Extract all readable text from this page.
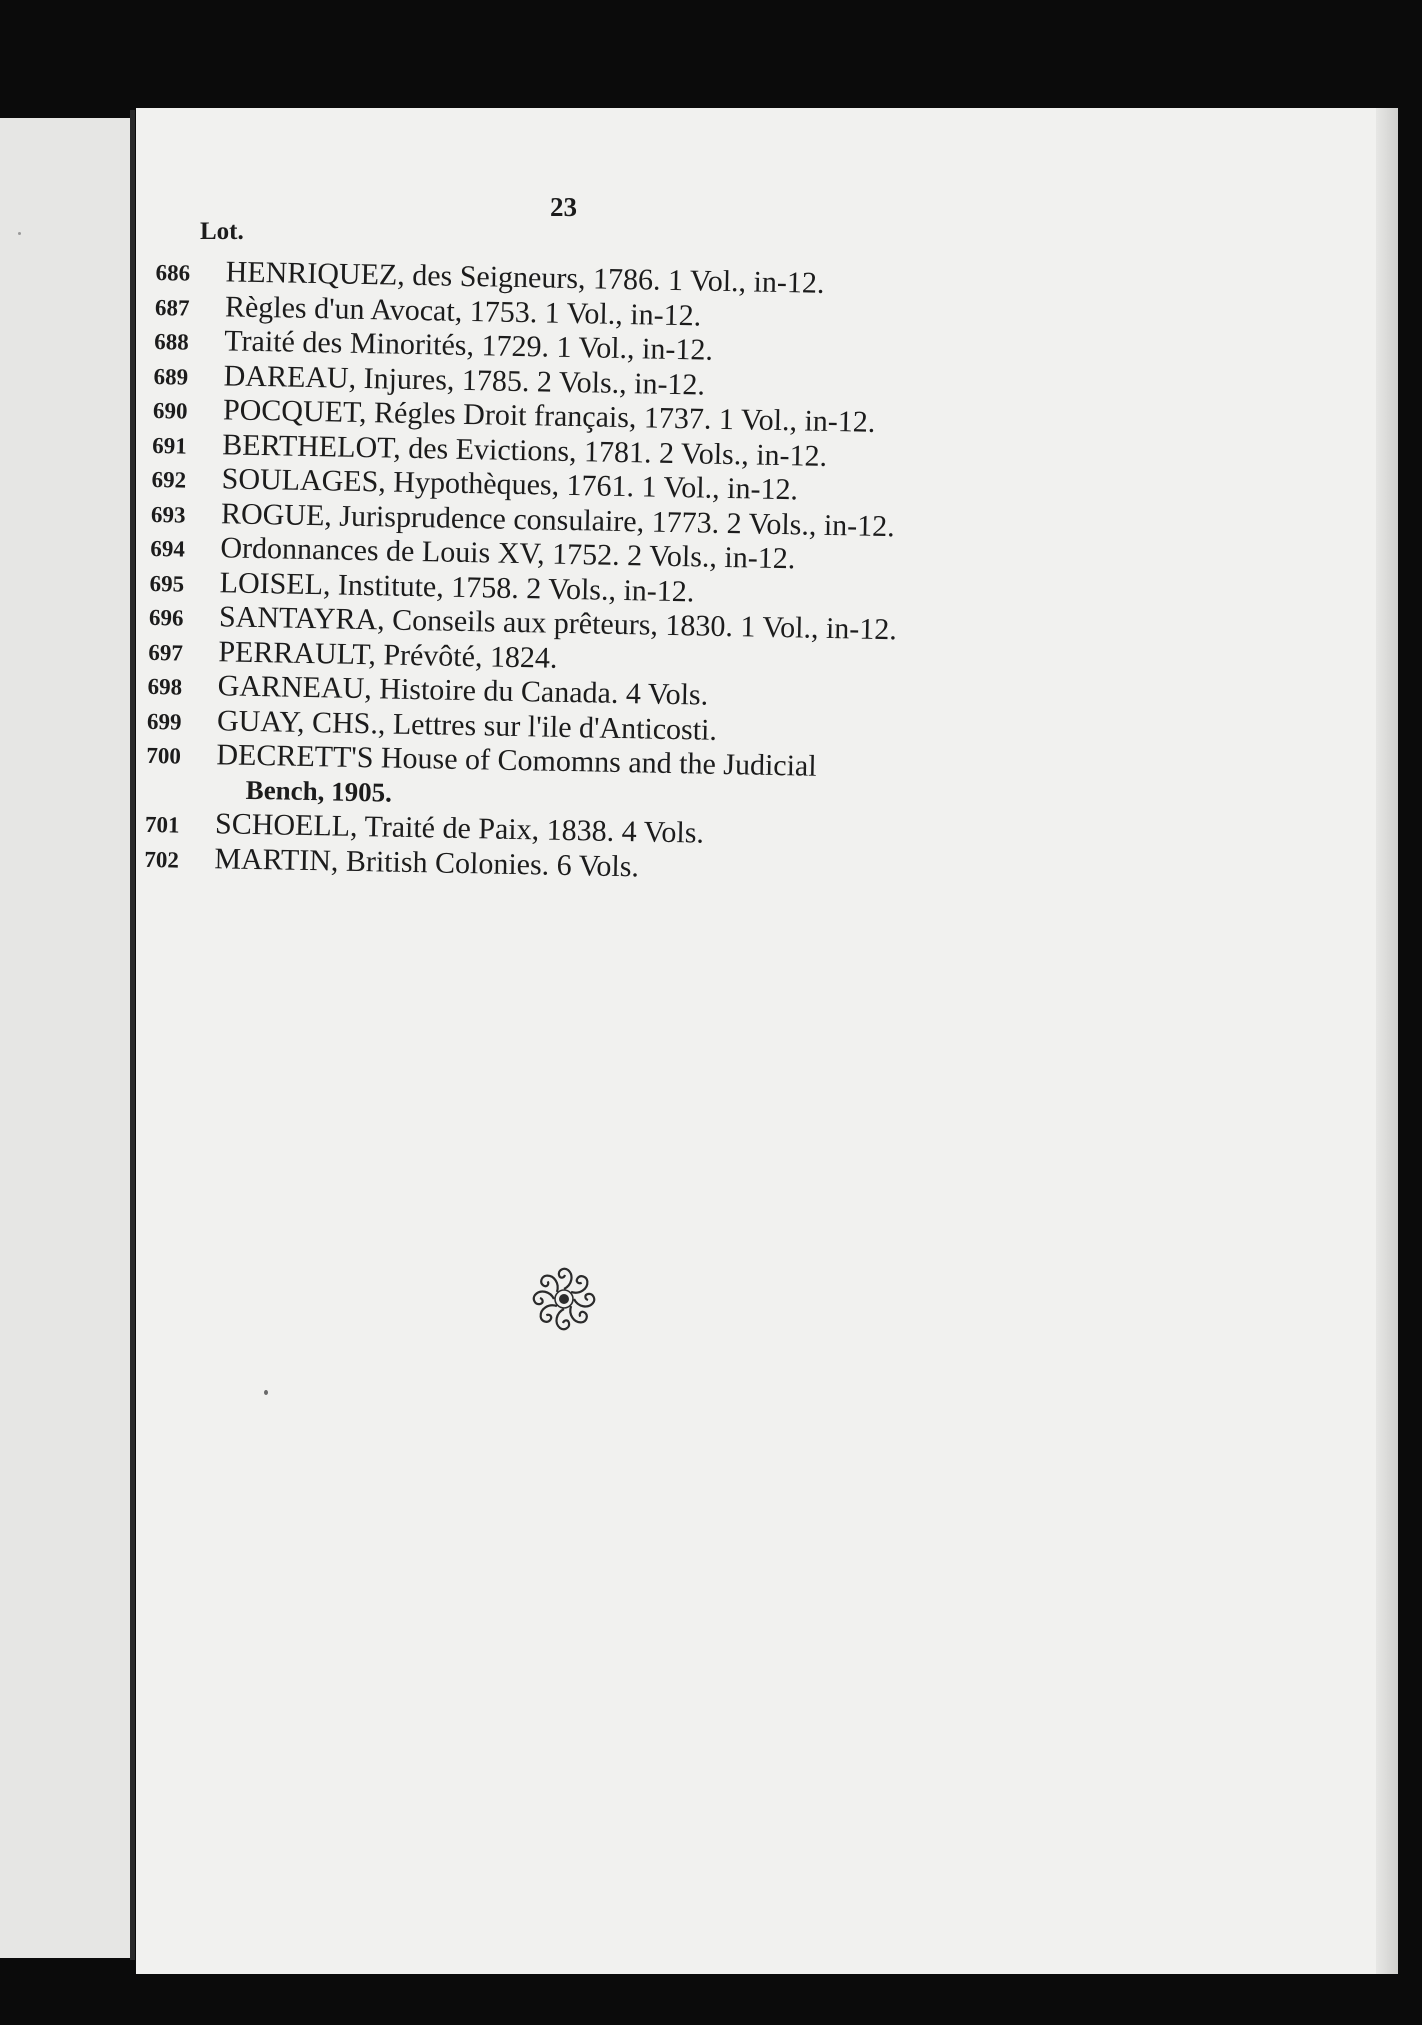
23
Lot.
686	HENRIQUEZ, des Seigneurs, 1786. 1 Vol., in-12.
687	Règles d'un Avocat, 1753. 1 Vol., in-12.
688	Traité des Minorités, 1729. 1 Vol., in-12.
689	DAREAU, Injures, 1785. 2 Vols., in-12.
690	POCQUET, Régles Droit français, 1737. 1 Vol., in-12.
691	BERTHELOT, des Evictions, 1781. 2 Vols., in-12.
692	SOULAGES, Hypothèques, 1761. 1 Vol., in-12.
693	ROGUE, Jurisprudence consulaire, 1773. 2 Vols., in-12.
694	Ordonnances de Louis XV, 1752. 2 Vols., in-12.
695	LOISEL, Institute, 1758. 2 Vols., in-12.
696	SANTAYRA, Conseils aux prêteurs, 1830. 1 Vol., in-12.
697	PERRAULT, Prévôté, 1824.
698	GARNEAU, Histoire du Canada. 4 Vols.
699	GUAY, CHS., Lettres sur l'ile d'Anticosti.
700	DECRETT'S House of Comomns and the Judicial
Bench, 1905.
701	SCHOELL, Traité de Paix, 1838. 4 Vols.
702	MARTIN, British Colonies. 6 Vols.
